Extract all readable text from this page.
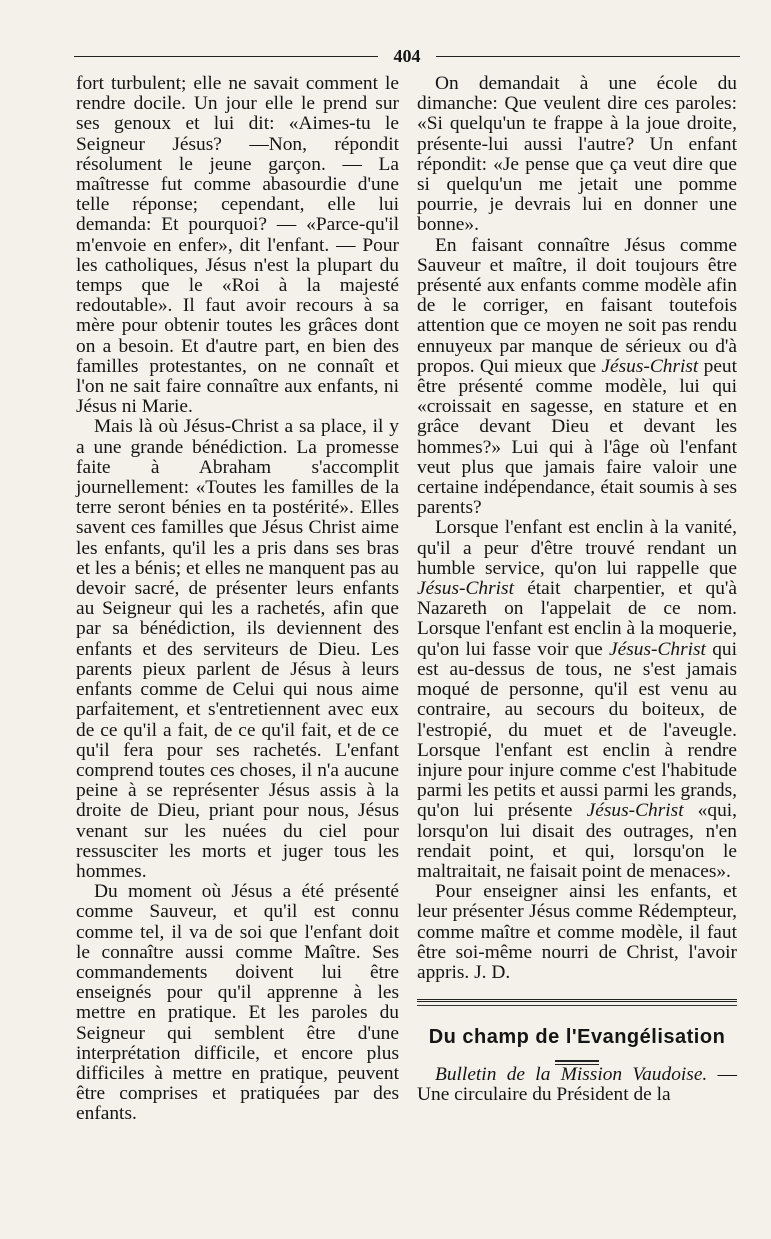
404

fort turbulent; elle ne savait comment le rendre docile. Un jour elle le prend sur ses genoux et lui dit: «Aimes-tu le Seigneur Jésus? —Non, répondit résolument le jeune garçon. — La maîtresse fut comme abasourdie d'une telle réponse; cependant, elle lui demanda: Et pourquoi? — «Parce-qu'il m'envoie en enfer», dit l'enfant. — Pour les catholiques, Jésus n'est la plupart du temps que le «Roi à la majesté redoutable». Il faut avoir recours à sa mère pour obtenir toutes les grâces dont on a besoin. Et d'autre part, en bien des familles protestantes, on ne connaît et l'on ne sait faire connaître aux enfants, ni Jésus ni Marie.

Mais là où Jésus-Christ a sa place, il y a une grande bénédiction. La promesse faite à Abraham s'accomplit journellement: «Toutes les familles de la terre seront bénies en ta postérité». Elles savent ces familles que Jésus Christ aime les enfants, qu'il les a pris dans ses bras et les a bénis; et elles ne manquent pas au devoir sacré, de présenter leurs enfants au Seigneur qui les a rachetés, afin que par sa bénédiction, ils deviennent des enfants et des serviteurs de Dieu. Les parents pieux parlent de Jésus à leurs enfants comme de Celui qui nous aime parfaitement, et s'entretiennent avec eux de ce qu'il a fait, de ce qu'il fait, et de ce qu'il fera pour ses rachetés. L'enfant comprend toutes ces choses, il n'a aucune peine à se représenter Jésus assis à la droite de Dieu, priant pour nous, Jésus venant sur les nuées du ciel pour ressusciter les morts et juger tous les hommes.

Du moment où Jésus a été présenté comme Sauveur, et qu'il est connu comme tel, il va de soi que l'enfant doit le connaître aussi comme Maître. Ses commandements doivent lui être enseignés pour qu'il apprenne à les mettre en pratique. Et les paroles du Seigneur qui semblent être d'une interprétation difficile, et encore plus difficiles à mettre en pratique, peuvent être comprises et pratiquées par des enfants.

On demandait à une école du dimanche: Que veulent dire ces paroles: «Si quelqu'un te frappe à la joue droite, présente-lui aussi l'autre? Un enfant répondit: «Je pense que ça veut dire que si quelqu'un me jetait une pomme pourrie, je devrais lui en donner une bonne».

En faisant connaître Jésus comme Sauveur et maître, il doit toujours être présenté aux enfants comme modèle afin de le corriger, en faisant toutefois attention que ce moyen ne soit pas rendu ennuyeux par manque de sérieux ou d'à propos. Qui mieux que Jésus-Christ peut être présenté comme modèle, lui qui «croissait en sagesse, en stature et en grâce devant Dieu et devant les hommes?» Lui qui à l'âge où l'enfant veut plus que jamais faire valoir une certaine indépendance, était soumis à ses parents?

Lorsque l'enfant est enclin à la vanité, qu'il a peur d'être trouvé rendant un humble service, qu'on lui rappelle que Jésus-Christ était charpentier, et qu'à Nazareth on l'appelait de ce nom. Lorsque l'enfant est enclin à la moquerie, qu'on lui fasse voir que Jésus-Christ qui est au-dessus de tous, ne s'est jamais moqué de personne, qu'il est venu au contraire, au secours du boiteux, de l'estropié, du muet et de l'aveugle. Lorsque l'enfant est enclin à rendre injure pour injure comme c'est l'habitude parmi les petits et aussi parmi les grands, qu'on lui présente Jésus-Christ «qui, lorsqu'on lui disait des outrages, n'en rendait point, et qui, lorsqu'on le maltraitait, ne faisait point de menaces».

Pour enseigner ainsi les enfants, et leur présenter Jésus comme Rédempteur, comme maître et comme modèle, il faut être soi-même nourri de Christ, l'avoir appris. J. D.

Du champ de l'Evangélisation

Bulletin de la Mission Vaudoise. — Une circulaire du Président de la
